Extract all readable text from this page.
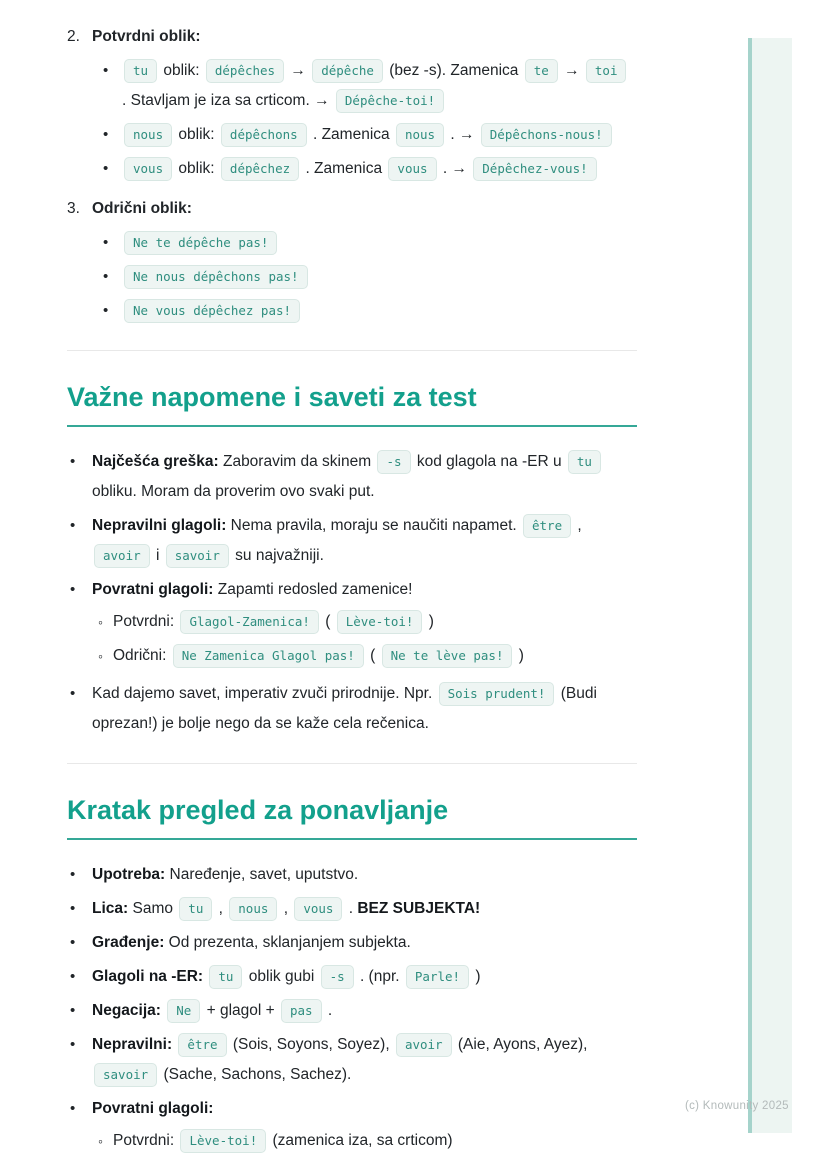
2. Potvrdni oblik:
•	tu oblik: dépêches → dépêche (bez -s). Zamenica te → toi . Stavljam je iza sa crticom. → Dépêche-toi!
•	nous oblik: dépêchons . Zamenica nous . → Dépêchons-nous!
•	vous oblik: dépêchez . Zamenica vous . → Dépêchez-vous!
3. Odrični oblik:
•	Ne te dépêche pas!
•	Ne nous dépêchons pas!
•	Ne vous dépêchez pas!
Važne napomene i saveti za test
•	Najčešća greška: Zaboravim da skinem -s kod glagola na -ER u tu obliku. Moram da proverim ovo svaki put.
•	Nepravilni glagoli: Nema pravila, moraju se naučiti napamet. être , avoir i savoir su najvažniji.
•	Povratni glagoli: Zapamti redosled zamenice!
◦ Potvrdni: Glagol-Zamenica! ( Lève-toi! )
◦ Odrični: Ne Zamenica Glagol pas! ( Ne te lève pas! )
•	Kad dajemo savet, imperativ zvuči prirodnije. Npr. Sois prudent! (Budi oprezan!) je bolje nego da se kaže cela rečenica.
Kratak pregled za ponavljanje
•	Upotreba: Naređenje, savet, uputstvo.
•	Lica: Samo tu , nous , vous . BEZ SUBJEKTA!
•	Građenje: Od prezenta, sklanjanjem subjekta.
•	Glagoli na -ER: tu oblik gubi -s . (npr. Parle! )
•	Negacija: Ne + glagol + pas .
•	Nepravilni: être (Sois, Soyons, Soyez), avoir (Aie, Ayons, Ayez), savoir (Sache, Sachons, Sachez).
•	Povratni glagoli:
◦ Potvrdni: Lève-toi! (zamenica iza, sa crticom)
(c) Knowunity 2025
